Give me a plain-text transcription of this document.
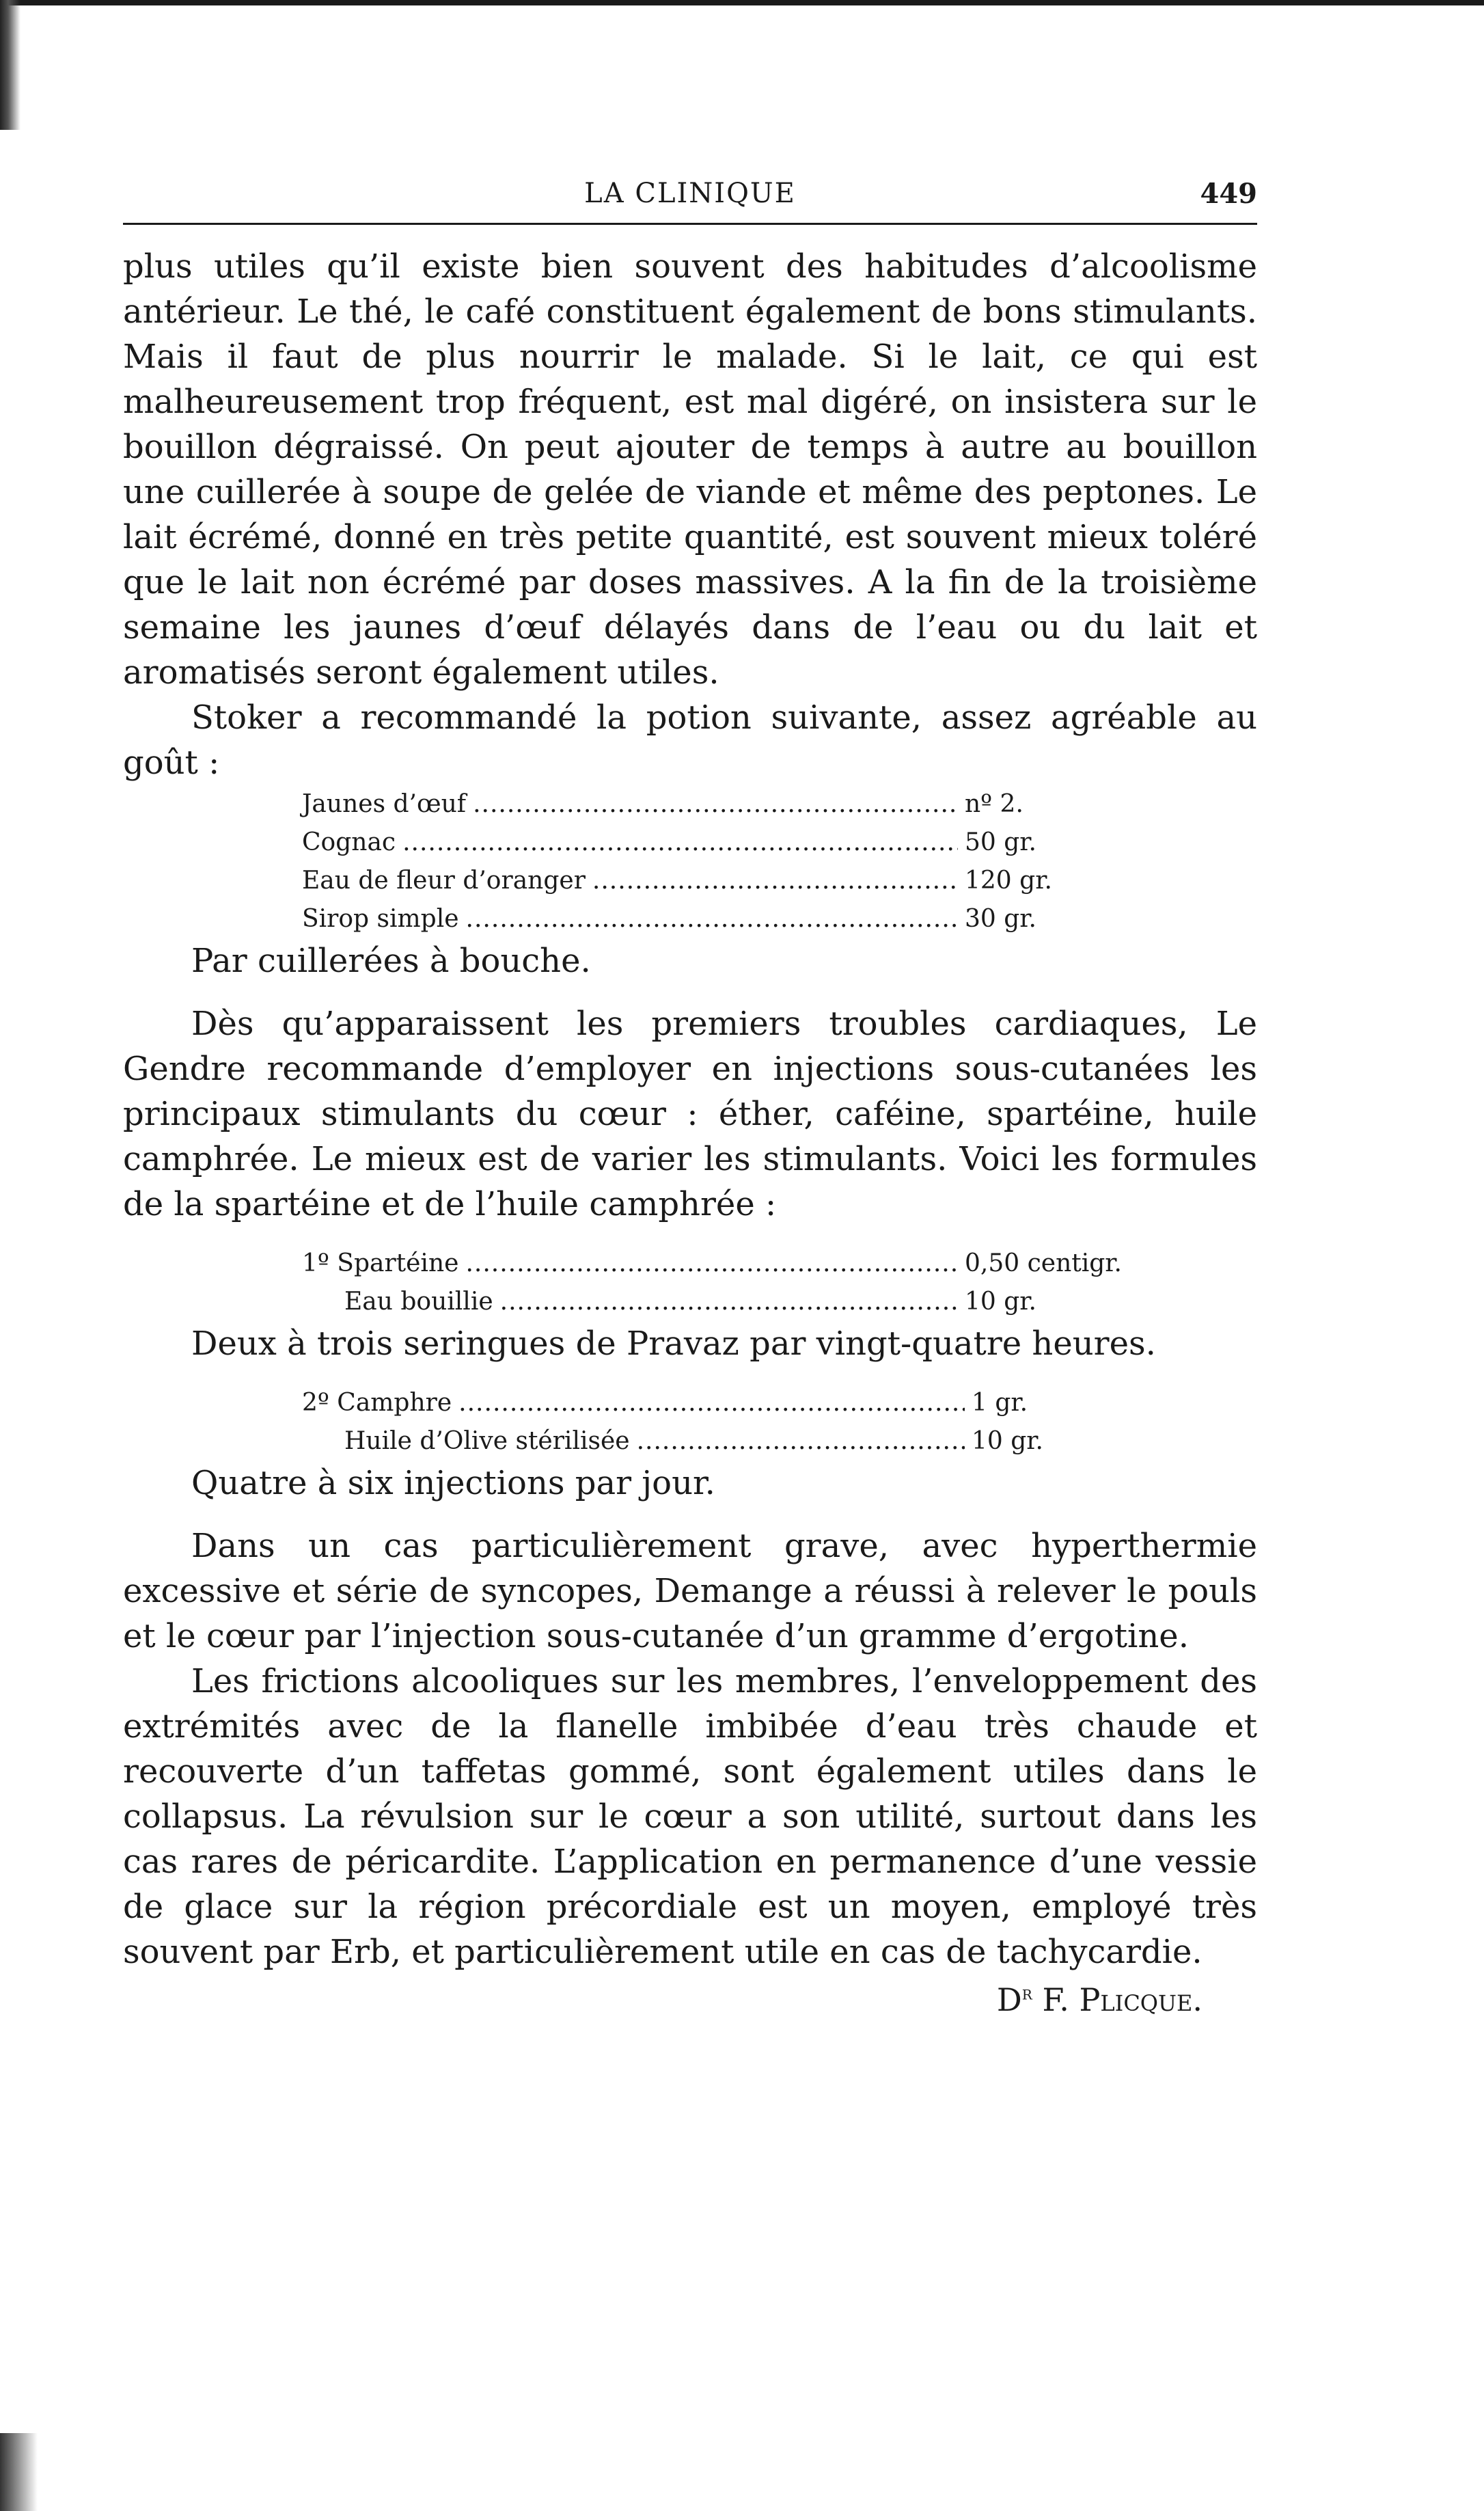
LA CLINIQUE	449

plus utiles qu’il existe bien souvent des habitudes d’alcoolisme antérieur. Le thé, le café constituent également de bons stimulants. Mais il faut de plus nourrir le malade. Si le lait, ce qui est malheureusement trop fréquent, est mal digéré, on insistera sur le bouillon dégraissé. On peut ajouter de temps à autre au bouillon une cuillerée à soupe de gelée de viande et même des peptones. Le lait écrémé, donné en très petite quantité, est souvent mieux toléré que le lait non écrémé par doses massives. A la fin de la troisième semaine les jaunes d’œuf délayés dans de l’eau ou du lait et aromatisés seront également utiles.

Stoker a recommandé la potion suivante, assez agréable au goût :

Jaunes d’œuf .....	nº 2.
Cognac .....	50 gr.
Eau de fleur d’oranger .....	120 gr.
Sirop simple .....	30 gr.

Par cuillerées à bouche.

Dès qu’apparaissent les premiers troubles cardiaques, Le Gendre recommande d’employer en injections sous-cutanées les principaux stimulants du cœur : éther, caféine, spartéine, huile camphrée. Le mieux est de varier les stimulants. Voici les formules de la spartéine et de l’huile camphrée :

1º Spartéine .....	0,50 centigr.
Eau bouillie .....	10 gr.

Deux à trois seringues de Pravaz par vingt-quatre heures.

2º Camphre .....	1 gr.
Huile d’Olive stérilisée .....	10 gr.

Quatre à six injections par jour.

Dans un cas particulièrement grave, avec hyperthermie excessive et série de syncopes, Demange a réussi à relever le pouls et le cœur par l’injection sous-cutanée d’un gramme d’ergotine.

Les frictions alcooliques sur les membres, l’enveloppement des extrémités avec de la flanelle imbibée d’eau très chaude et recouverte d’un taffetas gommé, sont également utiles dans le collapsus. La révulsion sur le cœur a son utilité, surtout dans les cas rares de péricardite. L’application en permanence d’une vessie de glace sur la région précordiale est un moyen, employé très souvent par Erb, et particulièrement utile en cas de tachycardie.

$D^r$ F. Plicque.
